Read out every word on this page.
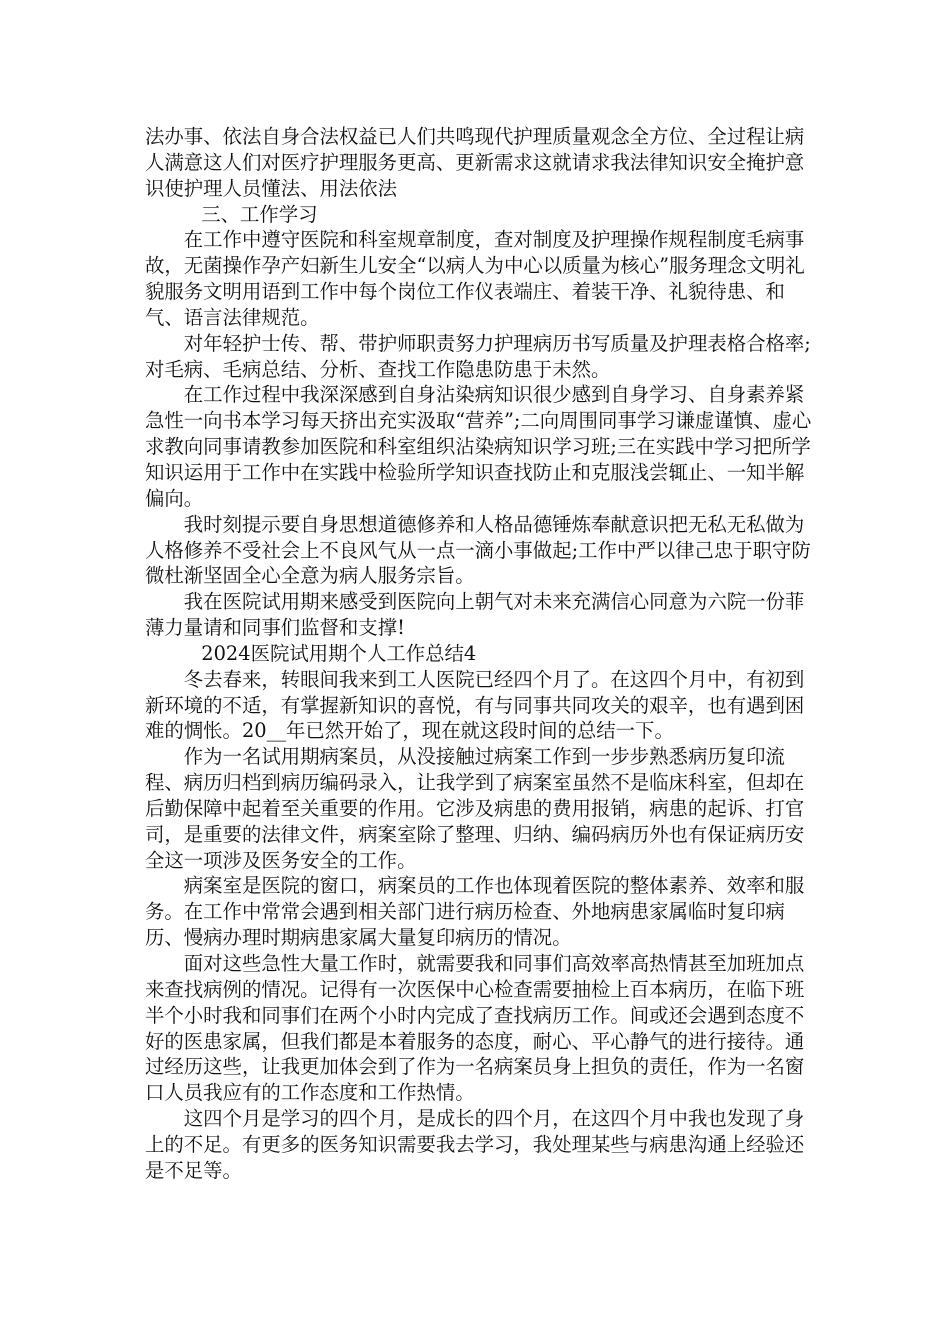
法办事、依法自身合法权益已人们共鸣现代护理质量观念全方位、全过程让病人满意这人们对医疗护理服务更高、更新需求这就请求我法律知识安全掩护意识使护理人员懂法、用法依法

三、工作学习

在工作中遵守医院和科室规章制度，查对制度及护理操作规程制度毛病事故，无菌操作孕产妇新生儿安全“以病人为中心以质量为核心”服务理念文明礼貌服务文明用语到工作中每个岗位工作仪表端庄、着装干净、礼貌待患、和气、语言法律规范。

对年轻护士传、帮、带护师职责努力护理病历书写质量及护理表格合格率;对毛病、毛病总结、分析、查找工作隐患防患于未然。

在工作过程中我深深感到自身沾染病知识很少感到自身学习、自身素养紧急性一向书本学习每天挤出充实汲取“营养”;二向周围同事学习谦虚谨慎、虚心求教向同事请教参加医院和科室组织沾染病知识学习班;三在实践中学习把所学知识运用于工作中在实践中检验所学知识查找防止和克服浅尝辄止、一知半解偏向。

我时刻提示要自身思想道德修养和人格品德锤炼奉献意识把无私无私做为人格修养不受社会上不良风气从一点一滴小事做起;工作中严以律己忠于职守防微杜渐坚固全心全意为病人服务宗旨。

我在医院试用期来感受到医院向上朝气对未来充满信心同意为六院一份菲薄力量请和同事们监督和支撑!

2024医院试用期个人工作总结4

冬去春来，转眼间我来到工人医院已经四个月了。在这四个月中，有初到新环境的不适，有掌握新知识的喜悦，有与同事共同攻关的艰辛，也有遇到困难的惆怅。20__年已然开始了，现在就这段时间的总结一下。

作为一名试用期病案员，从没接触过病案工作到一步步熟悉病历复印流程、病历归档到病历编码录入，让我学到了病案室虽然不是临床科室，但却在后勤保障中起着至关重要的作用。它涉及病患的费用报销，病患的起诉、打官司，是重要的法律文件，病案室除了整理、归纳、编码病历外也有保证病历安全这一项涉及医务安全的工作。

病案室是医院的窗口，病案员的工作也体现着医院的整体素养、效率和服务。在工作中常常会遇到相关部门进行病历检查、外地病患家属临时复印病历、慢病办理时期病患家属大量复印病历的情况。

面对这些急性大量工作时，就需要我和同事们高效率高热情甚至加班加点来查找病例的情况。记得有一次医保中心检查需要抽检上百本病历，在临下班半个小时我和同事们在两个小时内完成了查找病历工作。间或还会遇到态度不好的医患家属，但我们都是本着服务的态度，耐心、平心静气的进行接待。通过经历这些，让我更加体会到了作为一名病案员身上担负的责任，作为一名窗口人员我应有的工作态度和工作热情。

这四个月是学习的四个月，是成长的四个月，在这四个月中我也发现了身上的不足。有更多的医务知识需要我去学习，我处理某些与病患沟通上经验还是不足等。
